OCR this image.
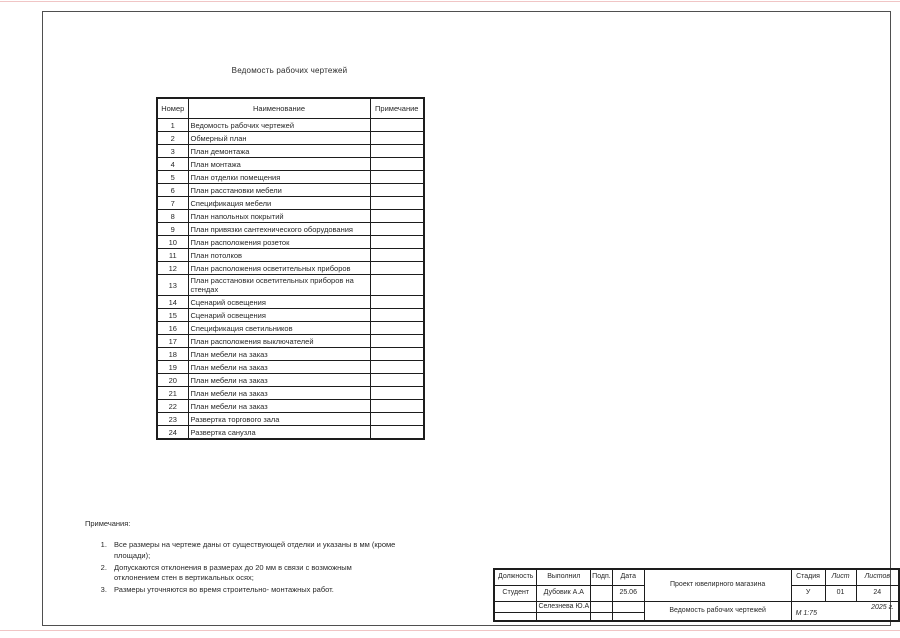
Ведомость рабочих чертежей
Номер	Наименование	Примечание
1	Ведомость рабочих чертежей	
2	Обмерный план	
3	План демонтажа	
4	План монтажа	
5	План отделки помещения	
6	План расстановки мебели	
7	Спецификация мебели	
8	План напольных покрытий	
9	План привязки сантехнического оборудования	
10	План расположения розеток	
11	План потолков	
12	План расположения осветительных приборов	
13	План расстановки осветительных приборов на стендах	
14	Сценарий освещения	
15	Сценарий освещения	
16	Спецификация светильников	
17	План расположения выключателей	
18	План мебели на заказ	
19	План мебели на заказ	
20	План мебели на заказ	
21	План мебели на заказ	
22	План мебели на заказ	
23	Развертка торгового зала	
24	Развертка санузла	

Примечания:

1. Все размеры на чертеже даны от существующей отделки и указаны в мм (кроме площади);
2. Допускаются отклонения в размерах до 20 мм в связи с возможным отклонением стен в вертикальных осях;
3. Размеры уточняются во время строительно- монтажных работ.
Должность	Выполнил	Подп.	Дата	Проект ювелирного магазина	Стадия	Лист	Листов
Студент	Дубовик А.А		25.06		У	01	24
	Селезнева Ю.А			Ведомость рабочих чертежей	2025 г.
М 1:75		
